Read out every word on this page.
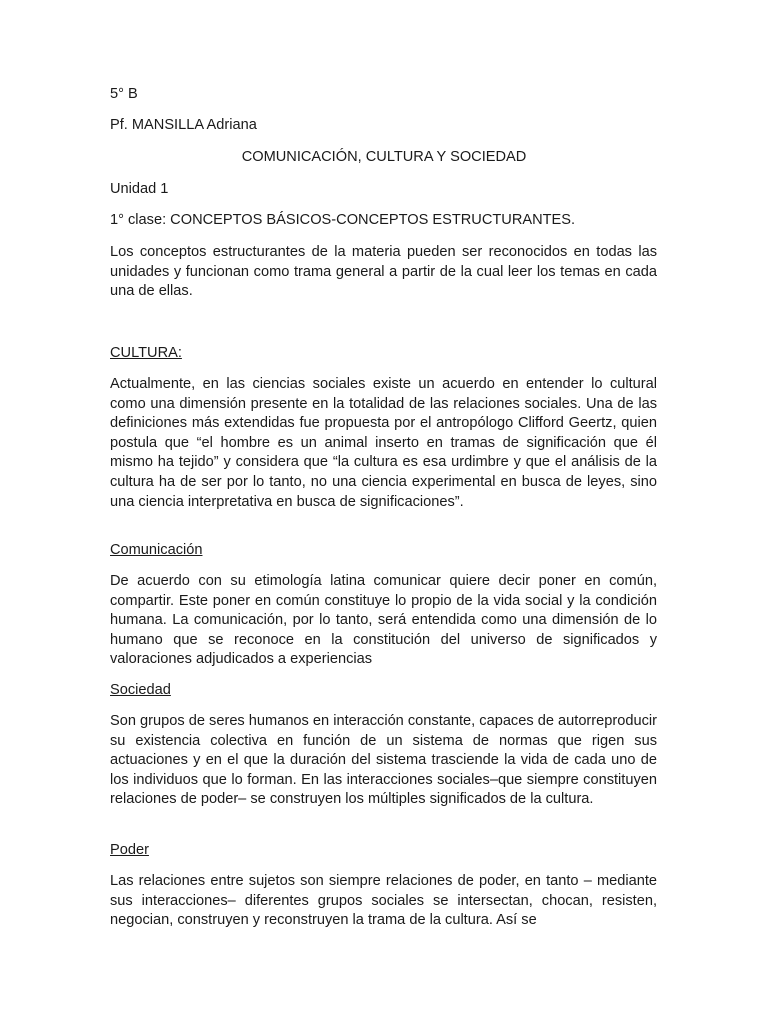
5° B

Pf. MANSILLA Adriana

COMUNICACIÓN, CULTURA Y SOCIEDAD

Unidad 1

1° clase: CONCEPTOS BÁSICOS-CONCEPTOS ESTRUCTURANTES.

Los conceptos estructurantes de la materia pueden ser reconocidos en todas las unidades y funcionan como trama general a partir de la cual leer los temas en cada una de ellas.

CULTURA:

Actualmente, en las ciencias sociales existe un acuerdo en entender lo cultural como una dimensión presente en la totalidad de las relaciones sociales. Una de las definiciones más extendidas fue propuesta por el antropólogo Clifford Geertz, quien postula que “el hombre es un animal inserto en tramas de significación que él mismo ha tejido” y considera que “la cultura es esa urdimbre y que el análisis de la cultura ha de ser por lo tanto, no una ciencia experimental en busca de leyes, sino una ciencia interpretativa en busca de significaciones”.

Comunicación

De acuerdo con su etimología latina comunicar quiere decir poner en común, compartir. Este poner en común constituye lo propio de la vida social y la condición humana. La comunicación, por lo tanto, será entendida como una dimensión de lo humano que se reconoce en la constitución del universo de significados y valoraciones adjudicados a experiencias

Sociedad

Son grupos de seres humanos en interacción constante, capaces de autorreproducir su existencia colectiva en función de un sistema de normas que rigen sus actuaciones y en el que la duración del sistema trasciende la vida de cada uno de los individuos que lo forman. En las interacciones sociales–que siempre constituyen relaciones de poder– se construyen los múltiples significados de la cultura.

Poder

Las relaciones entre sujetos son siempre relaciones de poder, en tanto – mediante sus interacciones– diferentes grupos sociales se intersectan, chocan, resisten, negocian, construyen y reconstruyen la trama de la cultura. Así se
